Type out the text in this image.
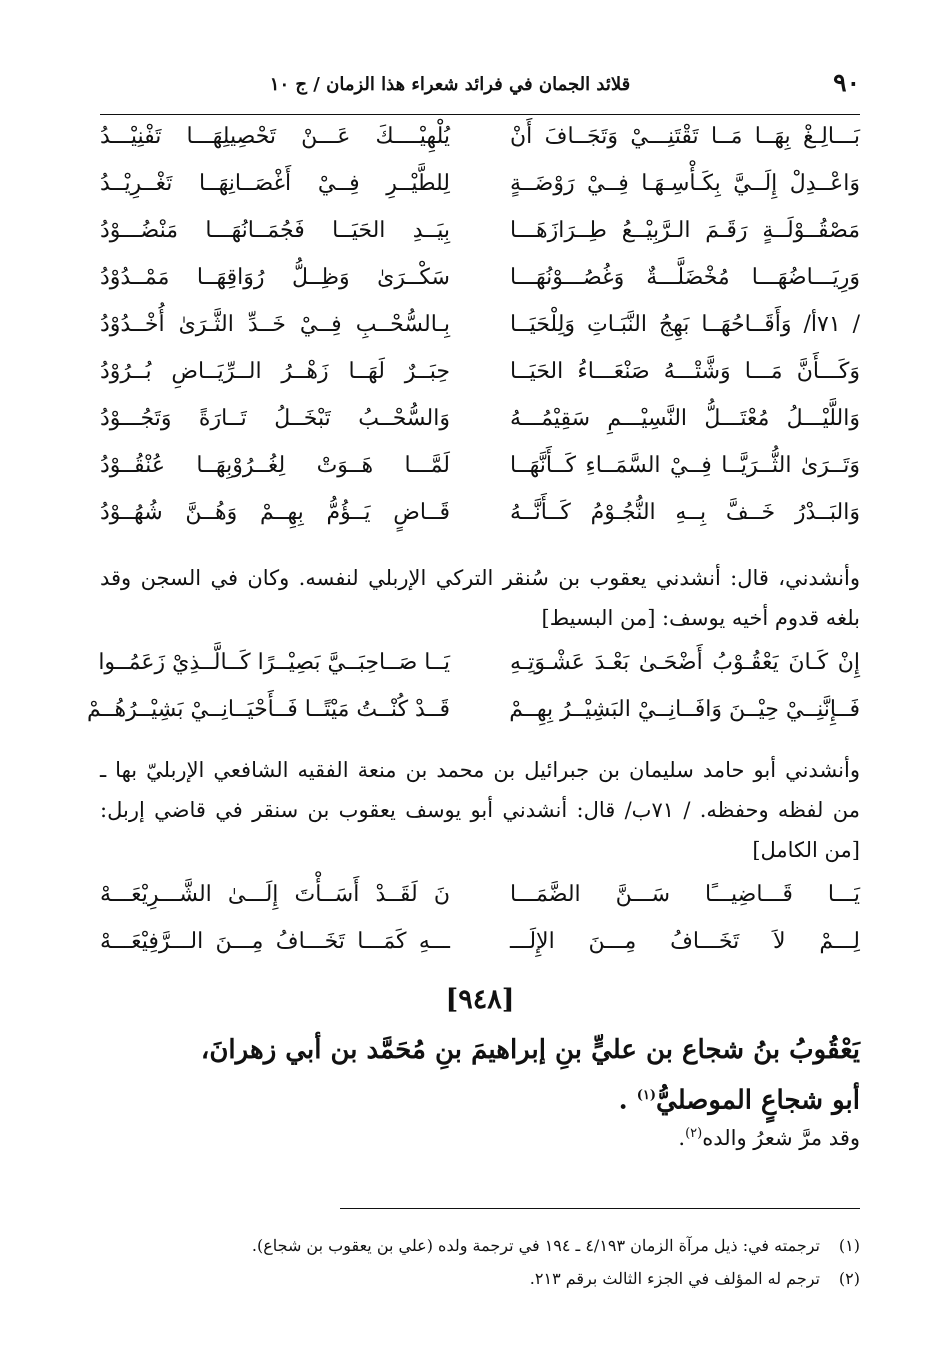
٩٠
قلائد الجمان في فرائد شعراء هذا الزمان / ج ١٠
بَـــالِـغْ بِهَــا مَــا تَقْتَنِـــيْ وَتَجَــافَ أَنْ
يُلْهِيْــــكَ عَـــنْ تَحْصِيلِهَـــا تَفْنِيْـــدُ
وَاعْــدِلْ إِلَــيَّ بِكَـأْسِـهَـا فِــيْ رَوْضَــةٍ
لِلطَّيْــرِ فِــيْ أَغْصَــانِهَــا تَغْــرِيْــدُ
مَصْقُــوْلَــةٍ رَقَـمَ الـرَّبِيْــعُ طِــرَازَهَـــا
بِيَــدِ الحَيَــا فَجُمَــانُهَـــا مَنْضُـــوْدُ
وَرِيَـــاضُهَـــا مُخْضَلَّـــةٌ وَغُصُـــوْنُهَـــا
سَكْــرَىٰ وَظِــلُّ رُوَاقِهَــا مَمْــدُوْدُ
/ ٧١أ/ وَأَقَــاحُهَــا بَهِجُ النَّبَـاتِ وَلِلْحَيَــا
بِـالسُّحْــبِ فِــيْ خَــدِّ الثَّـرَىٰ أُخْــدُوْدُ
وَكَـــأَنَّ مَـــا وَشَّتْـــهُ صَنْعَـــاءُ الحَيَــا
حِبَــرٌ لَهَــا زَهْــرُ الــرِّيَــاضِ بُــرُوْدُ
وَاللَّيْـــلُ مُعْتَـــلُّ النَّسِيْـــمِ سَقِيْمُـــهُ
وَالسُّحْــبُ تَبْخَــلُ تَــارَةً وَتَجُـــوْدُ
وَتَــرَىٰ الثُّــرَيَّــا فِــيْ السَّمَــاءِ كَــأَنَّهَــا
لَمَّـــا هَــوَتْ لِغُــرُوْبِهَــا عُنْقُــوْدُ
وَالبَــدْرُ خَــفَّ بِــهِ النُّجُـوْمُ كَــأَنَّــهُ
قَــاضٍ يَــؤُمُّ بِهِــمْ وَهُــنَّ شُهُــوْدُ
وأنشدني، قال: أنشدني يعقوب بن سُنقر التركي الإربلي لنفسه. وكان في السجن وقد بلغه قدوم أخيه يوسف: [من البسيط]
إِنْ كَـانَ يَعْقُـوْبُ أَضْحَـىٰ بَعْـدَ عَشْـوَتِـهِ
يَــا صَــاحِبَــيَّ بَصِيْــرًا كَــالَّــذِيْ زَعَمُــوا
فَــإِنَّنِــيْ حِيْــنَ وَافَــانِــيْ البَشِيْــرُ بِهِــمْ
قَــدْ كُنْــتُ مَيْتًــا فَــأَحْيَــانِــيْ بَشِيْــرُهُــمْ
وأنشدني أبو حامد سليمان بن جبرائيل بن محمد بن منعة الفقيه الشافعي الإربليّ بها ـ من لفظه وحفظه. / ٧١ب/ قال: أنشدني أبو يوسف يعقوب بن سنقر في قاضي إربل: [من الكامل]
يَـــا قَـــاضِيـــًا سَـــنَّ الضَّمَـــا
نَ لَقَــدْ أَسَــأْتَ إِلَـــىٰ الشَّـــرِيْعَـــهْ
لِـــمْ لاَ تَخَـــافُ مِـــنَ الإِلَـــ
ـــهِ كَمَـــا تَخَـــافُ مِـــنَ الـــرَّفِيْعَـــهْ
[٩٤٨]
يَعْقُوبُ بنُ شجاع بن عليٍّ بنِ إبراهيمَ بنِ مُحَمَّد بن أبي زهرانَ،
أبو شجاعٍ الموصليُّ$^{(١)}$ .
وقد مرَّ شعرُ والده$^{(٢)}$.
(١)ترجمته في: ذيل مرآة الزمان ٤/١٩٣ ـ ١٩٤ في ترجمة ولده (علي بن يعقوب بن شجاع).
(٢)ترجم له المؤلف في الجزء الثالث برقم ٢١٣.
